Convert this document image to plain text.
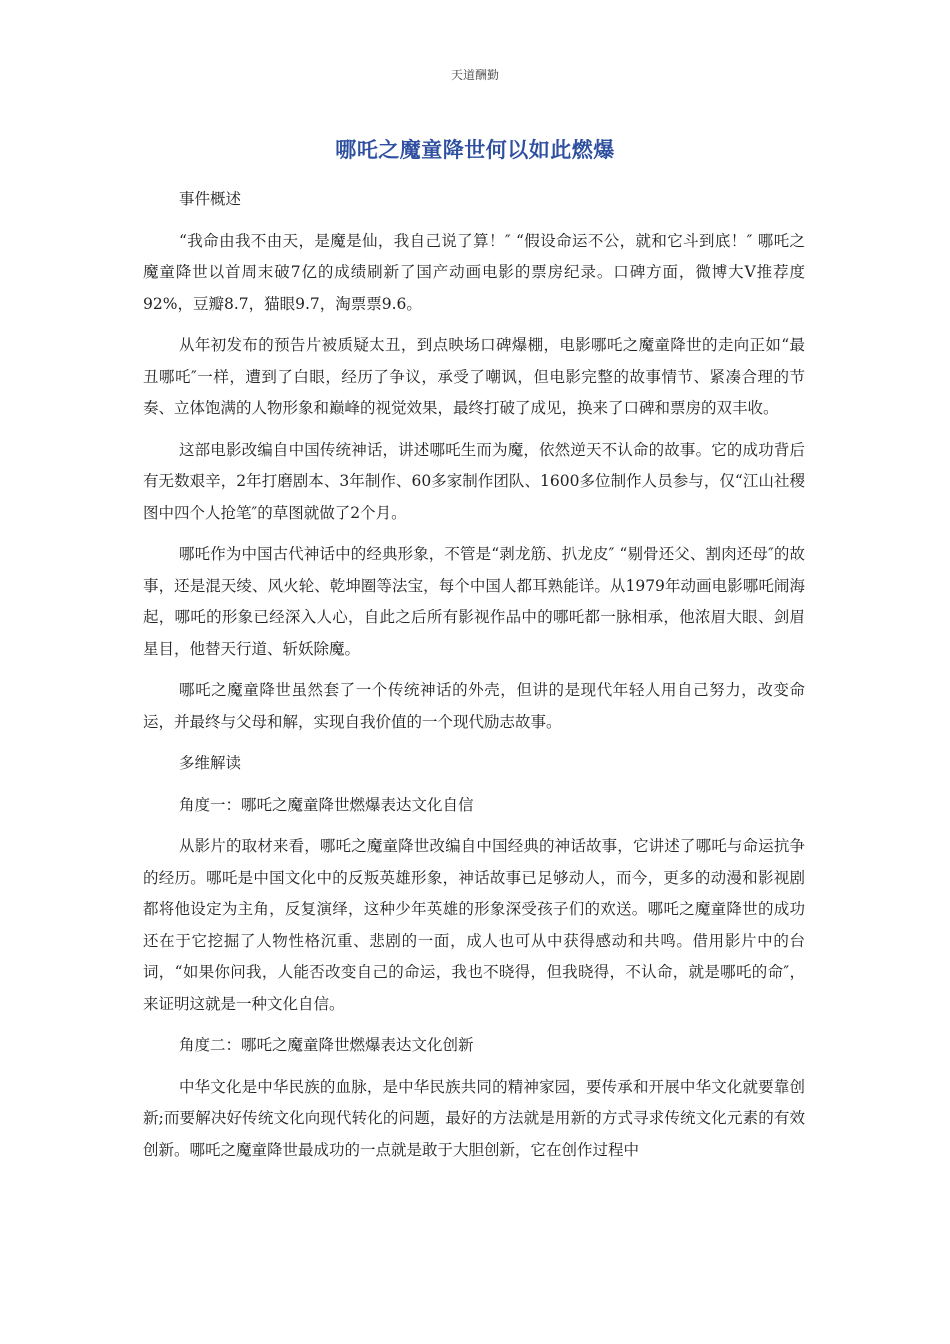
天道酬勤
哪吒之魔童降世何以如此燃爆

事件概述

“我命由我不由天，是魔是仙，我自己说了算！″ “假设命运不公，就和它斗到底！″ 哪吒之魔童降世以首周末破7亿的成绩刷新了国产动画电影的票房纪录。口碑方面，微博大V推荐度92%，豆瓣8.7，猫眼9.7，淘票票9.6。

从年初发布的预告片被质疑太丑，到点映场口碑爆棚，电影哪吒之魔童降世的走向正如“最丑哪吒″一样，遭到了白眼，经历了争议，承受了嘲讽，但电影完整的故事情节、紧凑合理的节奏、立体饱满的人物形象和巅峰的视觉效果，最终打破了成见，换来了口碑和票房的双丰收。

这部电影改编自中国传统神话，讲述哪吒生而为魔，依然逆天不认命的故事。它的成功背后有无数艰辛，2年打磨剧本、3年制作、60多家制作团队、1600多位制作人员参与，仅“江山社稷图中四个人抢笔″的草图就做了2个月。

哪吒作为中国古代神话中的经典形象，不管是“剥龙筋、扒龙皮″ “剔骨还父、割肉还母″的故事，还是混天绫、风火轮、乾坤圈等法宝，每个中国人都耳熟能详。从1979年动画电影哪吒闹海起，哪吒的形象已经深入人心，自此之后所有影视作品中的哪吒都一脉相承，他浓眉大眼、剑眉星目，他替天行道、斩妖除魔。

哪吒之魔童降世虽然套了一个传统神话的外壳，但讲的是现代年轻人用自己努力，改变命运，并最终与父母和解，实现自我价值的一个现代励志故事。

多维解读

角度一：哪吒之魔童降世燃爆表达文化自信

从影片的取材来看，哪吒之魔童降世改编自中国经典的神话故事，它讲述了哪吒与命运抗争的经历。哪吒是中国文化中的反叛英雄形象，神话故事已足够动人，而今，更多的动漫和影视剧都将他设定为主角，反复演绎，这种少年英雄的形象深受孩子们的欢送。哪吒之魔童降世的成功还在于它挖掘了人物性格沉重、悲剧的一面，成人也可从中获得感动和共鸣。借用影片中的台词，“如果你问我，人能否改变自己的命运，我也不晓得，但我晓得，不认命，就是哪吒的命″，来证明这就是一种文化自信。

角度二：哪吒之魔童降世燃爆表达文化创新

中华文化是中华民族的血脉，是中华民族共同的精神家园，要传承和开展中华文化就要靠创新;而要解决好传统文化向现代转化的问题，最好的方法就是用新的方式寻求传统文化元素的有效创新。哪吒之魔童降世最成功的一点就是敢于大胆创新，它在创作过程中
